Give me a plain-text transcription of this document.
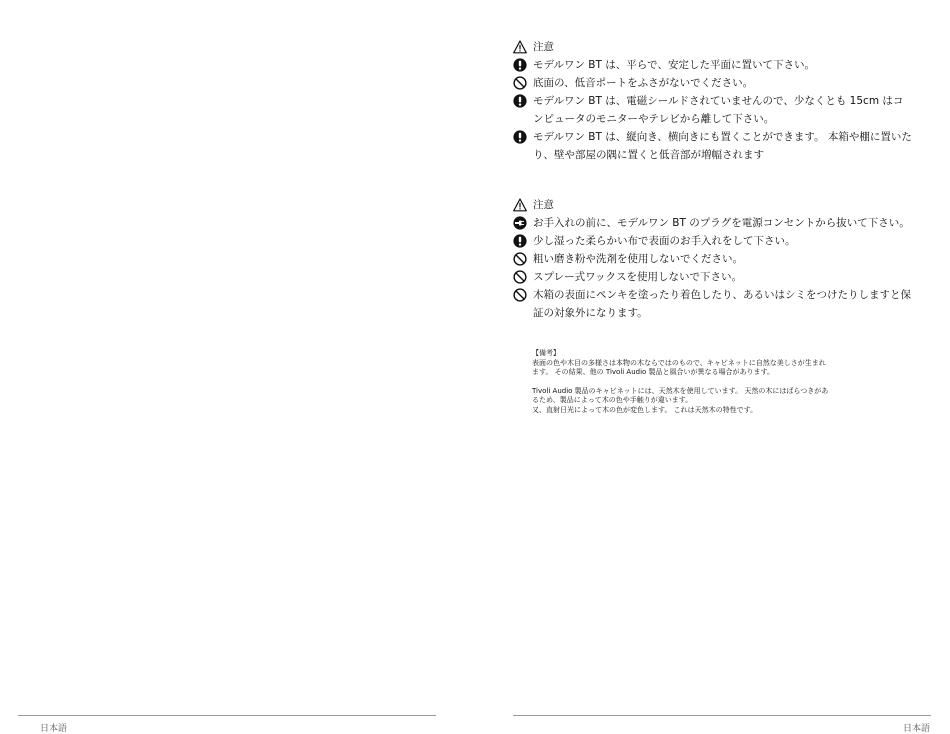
日本語
注意
モデルワン BT は、平らで、安定した平面に置いて下さい。
底面の、低音ポートをふさがないでください。
モデルワン BT は、電磁シールドされていませんので、少なくとも 15cm はコンピュータのモニターやテレビから離して下さい。
モデルワン BT は、縦向き、横向きにも置くことができます。 本箱や棚に置いたり、壁や部屋の隅に置くと低音部が増幅されます
注意
お手入れの前に、モデルワン BT のプラグを電源コンセントから抜いて下さい。
少し湿った柔らかい布で表面のお手入れをして下さい。
粗い磨き粉や洗剤を使用しないでください。
スプレー式ワックスを使用しないで下さい。
木箱の表面にペンキを塗ったり着色したり、あるいはシミをつけたりしますと保証の対象外になります。

【備考】

表面の色や木目の多様さは本物の木ならではのもので、キャビネットに自然な美しさが生まれます。 その結果、他の Tivoli Audio 製品と風合いが異なる場合があります。

Tivoli Audio 製品のキャビネットには、天然木を使用しています。 天然の木にはばらつきがあるため、製品によって木の色や手触りが違います。
又、直射日光によって木の色が変色します。 これは天然木の特性です。

日本語
